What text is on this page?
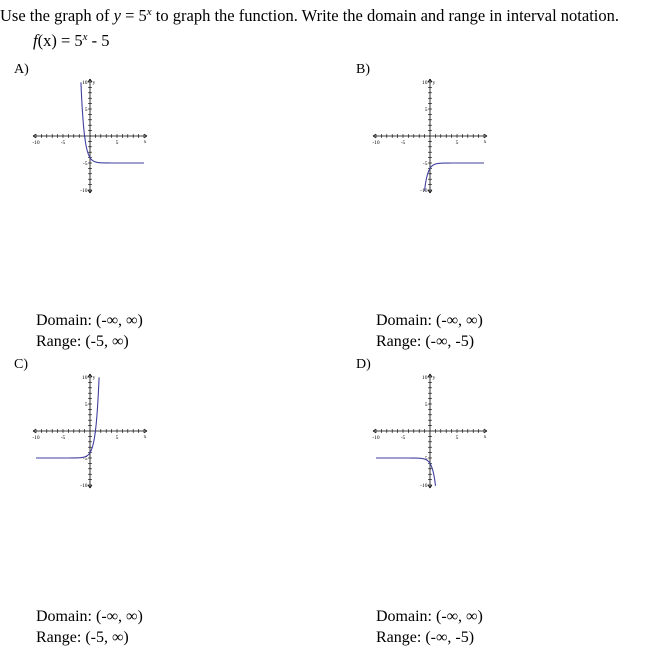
Use the graph of $y = 5^x$ to graph the function. Write the domain and range in interval notation.
$f(x) = 5^x - 5$
A)
-10	-5	5	x
10
5
-5
-10
y
Domain: (-∞, ∞)
Range: (-5, ∞)
B)
-10	-5	5	x
10
5
-5
-10
y
Domain: (-∞, ∞)
Range: (-∞, -5)
C)
-10	-5	5	x
10
5
-5
-10
y
Domain: (-∞, ∞)
Range: (-5, ∞)
D)
-10	-5	5	x
10
5
-5
-10
y
Domain: (-∞, ∞)
Range: (-∞, -5)
